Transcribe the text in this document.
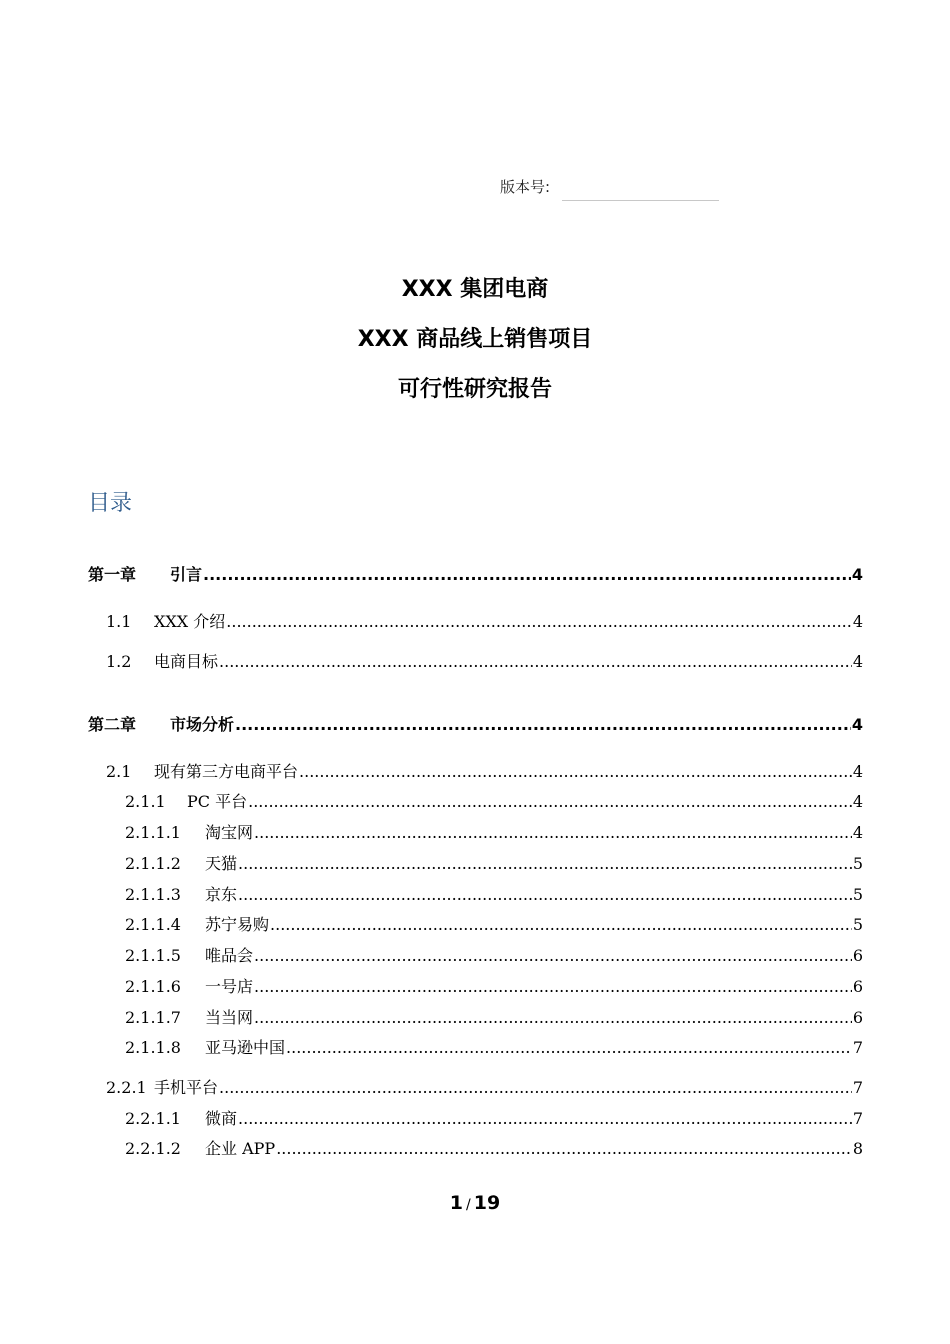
版本号:
XXX 集团电商
XXX 商品线上销售项目
可行性研究报告
目录
第一章	引言 .....	4
1.1	XXX 介绍 .....	4
1.2	电商目标 .....	4
第二章	市场分析 .....	4
2.1	现有第三方电商平台 .....	4
2.1.1	PC 平台 .....	4
2.1.1.1	淘宝网 .....	4
2.1.1.2	天猫 .....	5
2.1.1.3	京东 .....	5
2.1.1.4	苏宁易购 .....	5
2.1.1.5	唯品会 .....	6
2.1.1.6	一号店 .....	6
2.1.1.7	当当网 .....	6
2.1.1.8	亚马逊中国 .....	7
2.2.1 手机平台 .....	7
2.2.1.1	微商 .....	7
2.2.1.2	企业 APP .....	8
1 / 19
